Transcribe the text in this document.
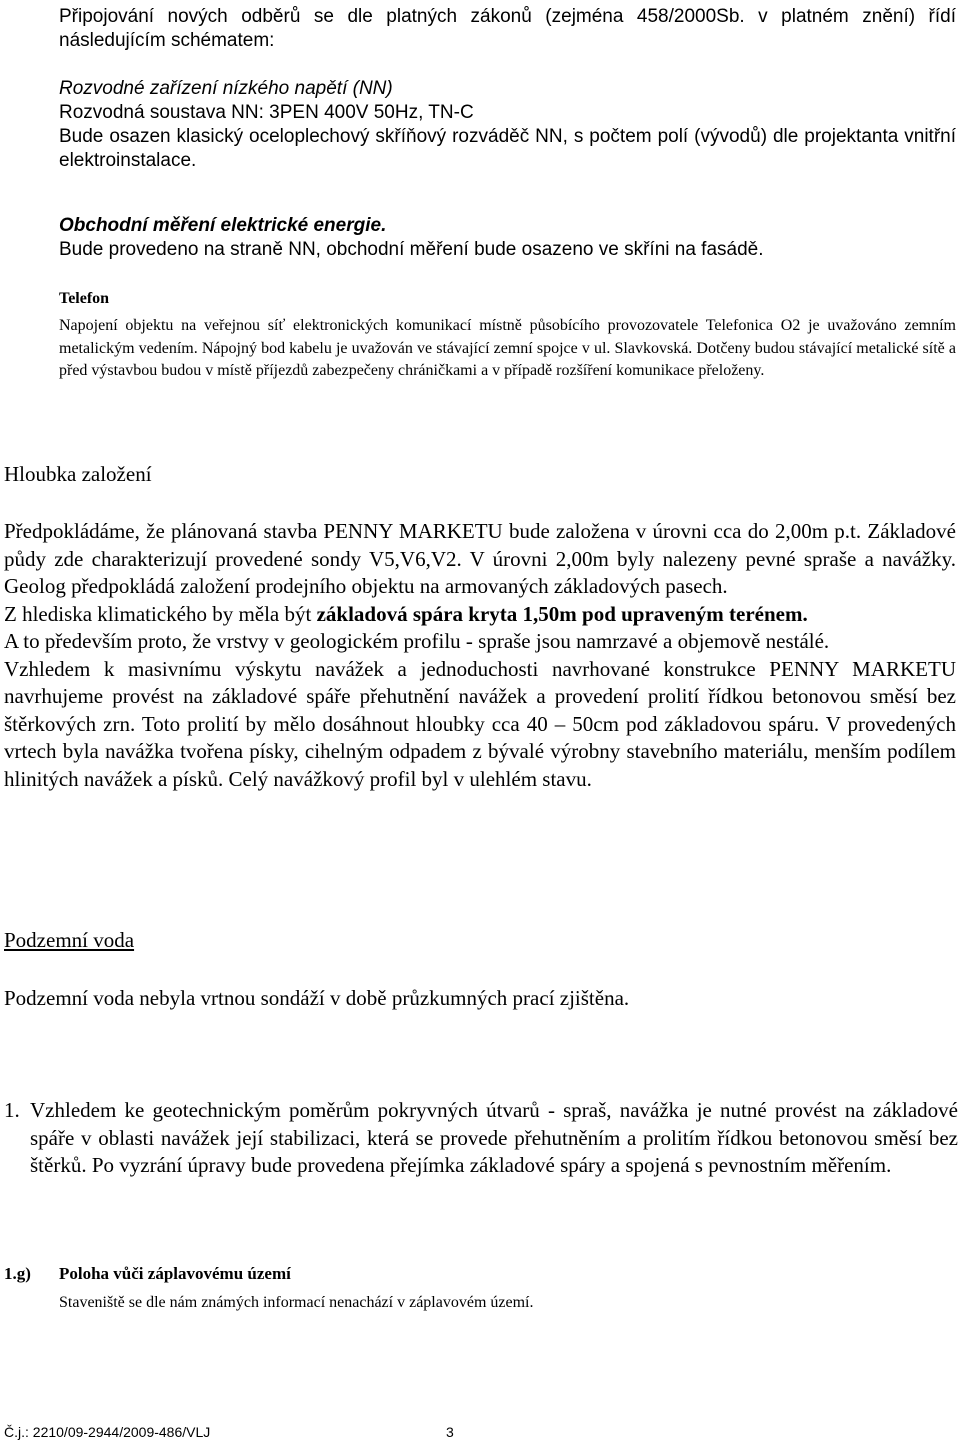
Připojování nových odběrů se dle platných zákonů (zejména 458/2000Sb. v platném znění) řídí následujícím schématem:

Rozvodné zařízení nízkého napětí (NN)

Rozvodná soustava NN: 3PEN 400V 50Hz, TN-C

Bude osazen klasický oceloplechový skříňový rozváděč NN, s počtem polí (vývodů) dle projektanta vnitřní elektroinstalace.

Obchodní měření elektrické energie.

Bude provedeno na straně NN, obchodní měření bude osazeno ve skříni na fasádě.

Telefon

Napojení objektu na veřejnou síť elektronických komunikací místně působícího provozovatele Telefonica O2 je uvažováno zemním metalickým vedením. Nápojný bod kabelu je uvažován ve stávající zemní spojce v ul. Slavkovská. Dotčeny budou stávající metalické sítě a před výstavbou budou v místě příjezdů zabezpečeny chráničkami a v případě rozšíření komunikace přeloženy.

Hloubka založení

Předpokládáme, že plánovaná stavba PENNY MARKETU bude založena v úrovni cca do 2,00m p.t. Základové půdy zde charakterizují provedené sondy V5,V6,V2. V úrovni 2,00m byly nalezeny pevné spraše a navážky. Geolog předpokládá založení prodejního objektu na armovaných základových pasech.

Z hlediska klimatického by měla být základová spára kryta 1,50m pod upraveným terénem.

A to především proto, že vrstvy v geologickém profilu - spraše jsou namrzavé a objemově nestálé.

Vzhledem k masivnímu výskytu navážek a jednoduchosti navrhované konstrukce PENNY MARKETU navrhujeme provést na základové spáře přehutnění navážek a provedení prolití řídkou betonovou směsí bez štěrkových zrn. Toto prolití by mělo dosáhnout hloubky cca 40 – 50cm pod základovou spáru. V provedených vrtech byla navážka tvořena písky, cihelným odpadem z bývalé výrobny stavebního materiálu, menším podílem hlinitých navážek a písků. Celý navážkový profil byl v ulehlém stavu.

Podzemní voda

Podzemní voda nebyla vrtnou sondáží v době průzkumných prací zjištěna.

1. Vzhledem ke geotechnickým poměrům pokryvných útvarů - spraš, navážka je nutné provést na základové spáře v oblasti navážek její stabilizaci, která se provede přehutněním a prolitím řídkou betonovou směsí bez štěrků. Po vyzrání úpravy bude provedena přejímka základové spáry a spojená s pevnostním měřením.

1.g) Poloha vůči záplavovému území

Staveniště se dle nám známých informací nenachází v záplavovém území.

Č.j.: 2210/09-2944/2009-486/VLJ	3
